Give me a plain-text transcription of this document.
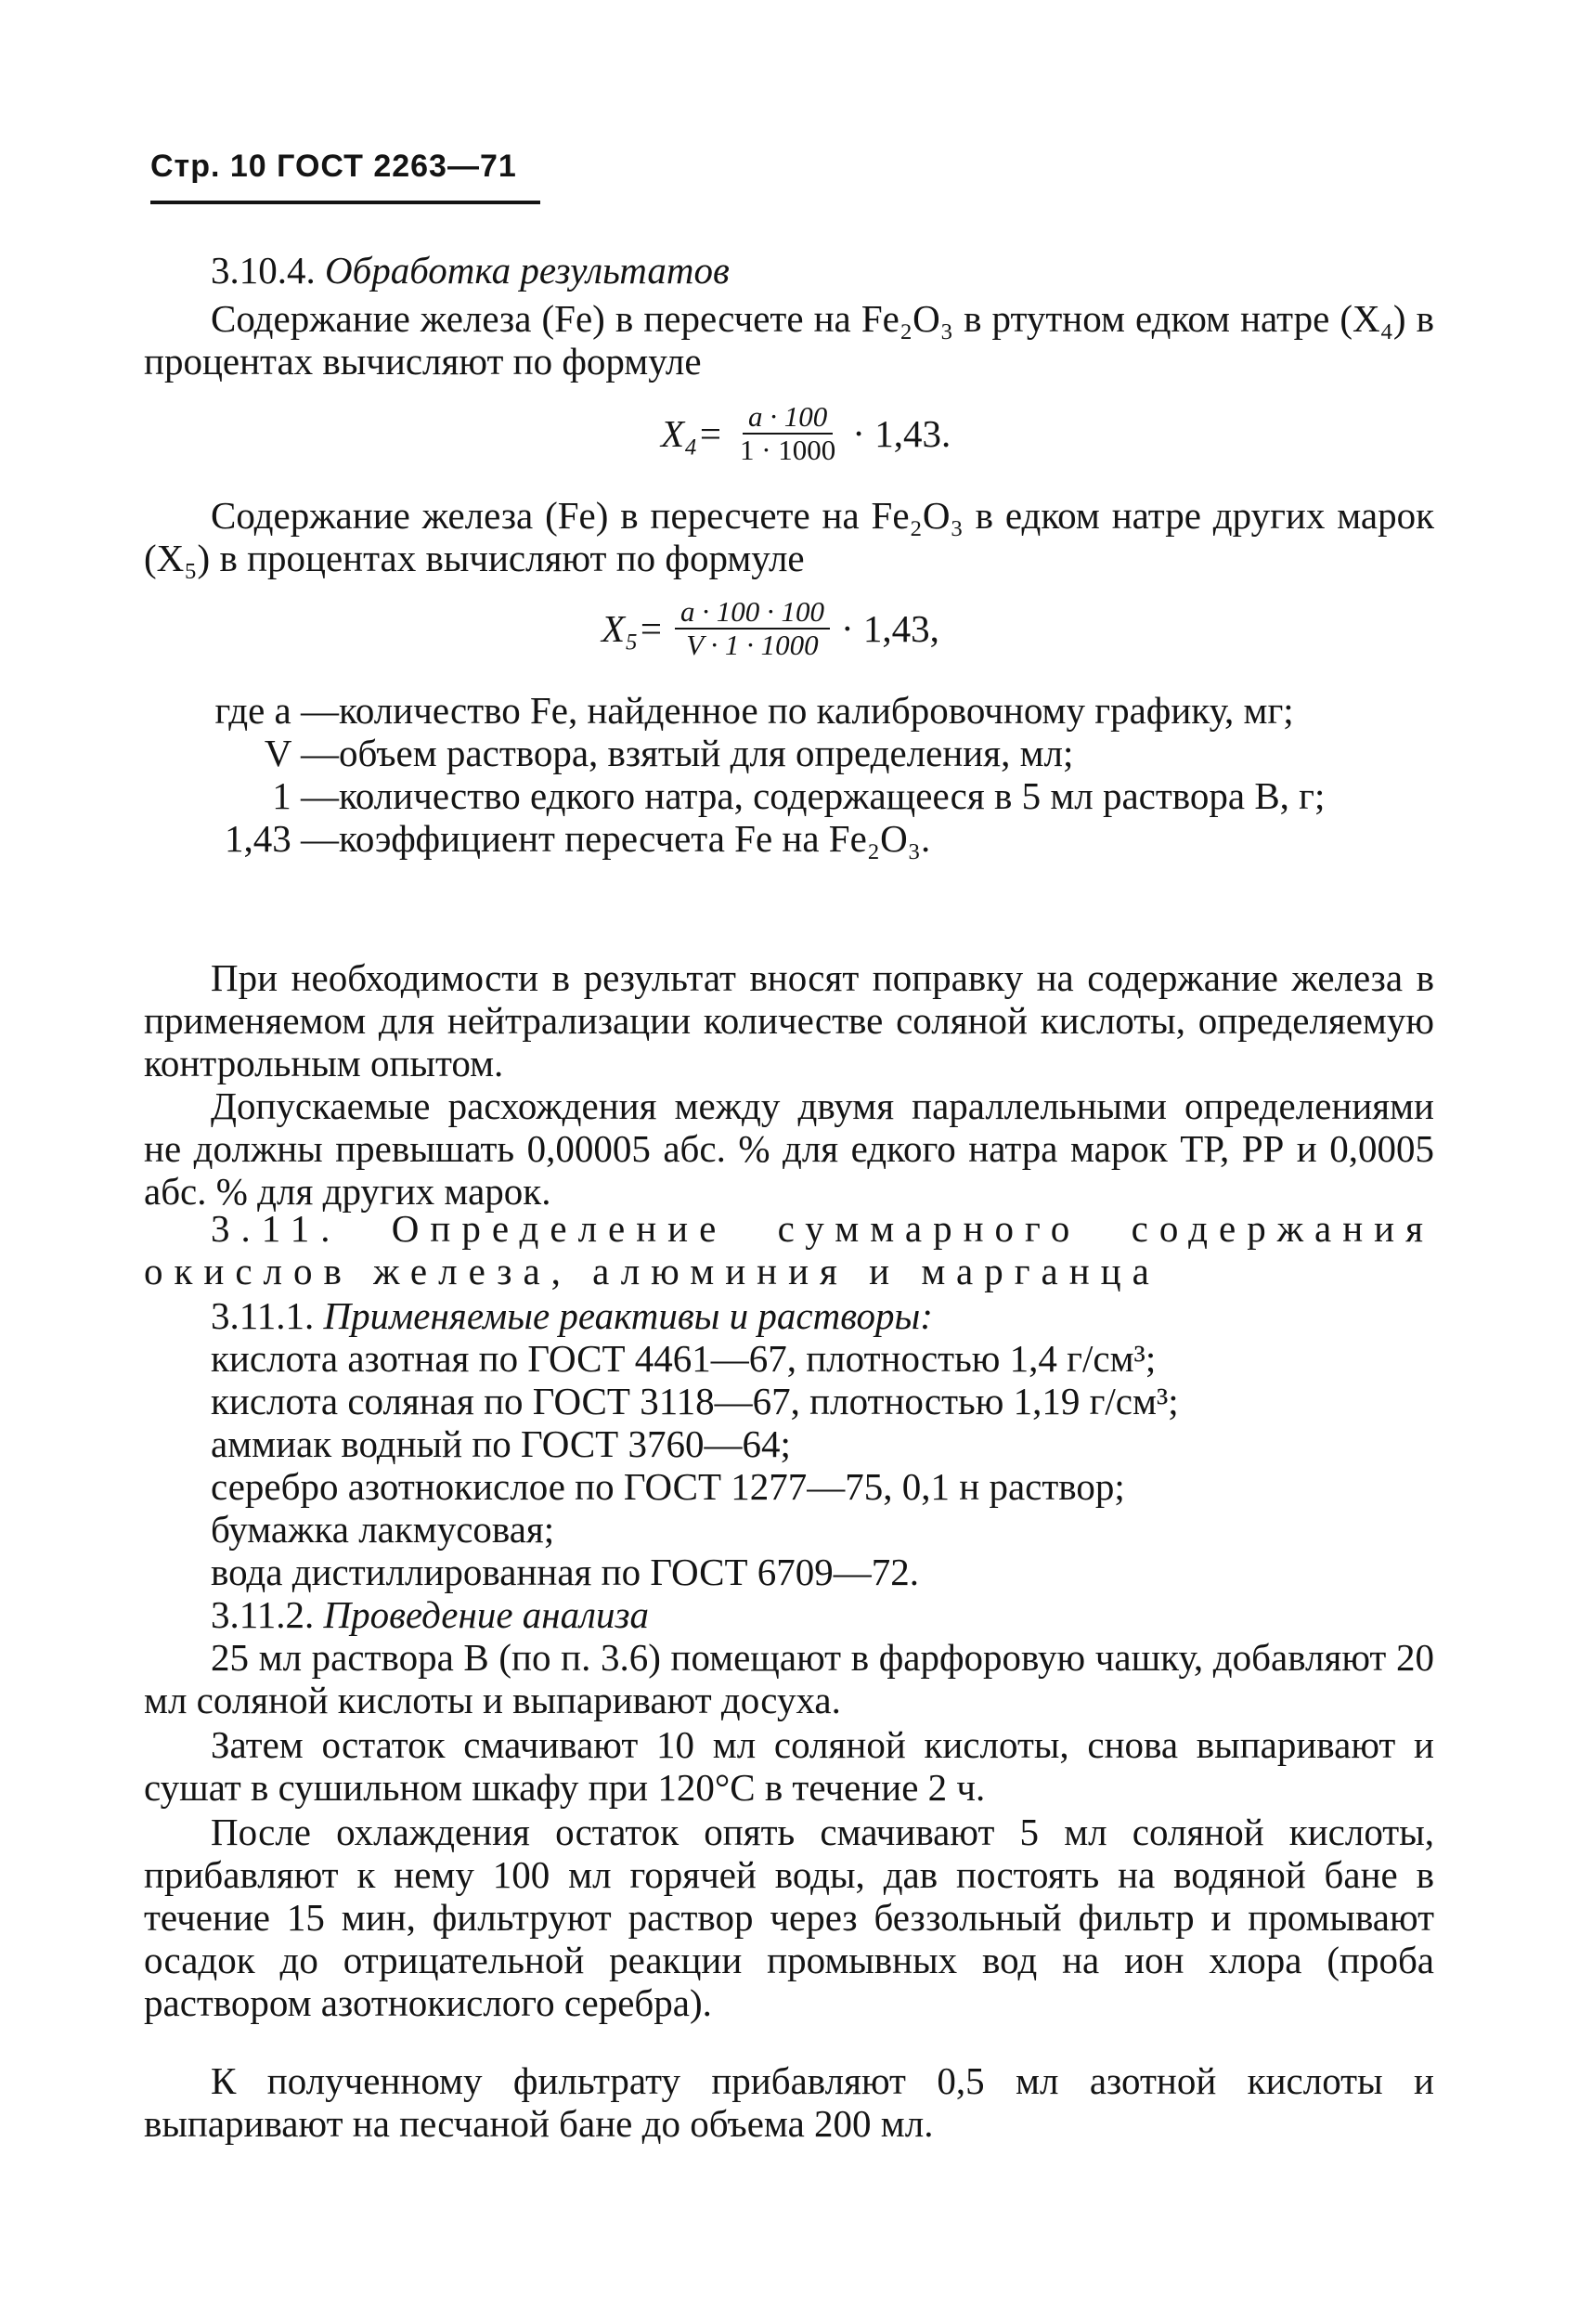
Стр. 10 ГОСТ 2263—71
3.10.4. Обработка результатов
Содержание железа (Fe) в пересчете на Fe₂O₃ в ртутном едком натре (X₄) в процентах вычисляют по формуле
$X_4= \frac{a \cdot 100}{1 \cdot 1000} \cdot 1,43$.
Содержание железа (Fe) в пересчете на Fe₂O₃ в едком натре других марок (X₅) в процентах вычисляют по формуле
$X_5= \frac{a \cdot 100 \cdot 100}{V \cdot 1 \cdot 1000} \cdot 1,43$,
где a — количество Fe, найденное по калибровочному графику, мг;
V — объем раствора, взятый для определения, мл;
1 — количество едкого натра, содержащееся в 5 мл раствора B, г;
1,43 — коэффициент пересчета Fe на Fe₂O₃.
При необходимости в результат вносят поправку на содержание железа в применяемом для нейтрализации количестве соляной кислоты, определяемую контрольным опытом.
Допускаемые расхождения между двумя параллельными определениями не должны превышать 0,00005 абс. % для едкого натра марок ТР, РР и 0,0005 абс. % для других марок.
3.11. Определение суммарного содержания
окислов железа, алюминия и марганца
3.11.1. Применяемые реактивы и растворы:
кислота азотная по ГОСТ 4461—67, плотностью 1,4 г/см³;
кислота соляная по ГОСТ 3118—67, плотностью 1,19 г/см³;
аммиак водный по ГОСТ 3760—64;
серебро азотнокислое по ГОСТ 1277—75, 0,1 н раствор;
бумажка лакмусовая;
вода дистиллированная по ГОСТ 6709—72.
3.11.2. Проведение анализа
25 мл раствора B (по п. 3.6) помещают в фарфоровую чашку, добавляют 20 мл соляной кислоты и выпаривают досуха.
Затем остаток смачивают 10 мл соляной кислоты, снова выпаривают и сушат в сушильном шкафу при 120°С в течение 2 ч.
После охлаждения остаток опять смачивают 5 мл соляной кислоты, прибавляют к нему 100 мл горячей воды, дав постоять на водяной бане в течение 15 мин, фильтруют раствор через беззольный фильтр и промывают осадок до отрицательной реакции промывных вод на ион хлора (проба раствором азотнокислого серебра).
К полученному фильтрату прибавляют 0,5 мл азотной кислоты и выпаривают на песчаной бане до объема 200 мл.
